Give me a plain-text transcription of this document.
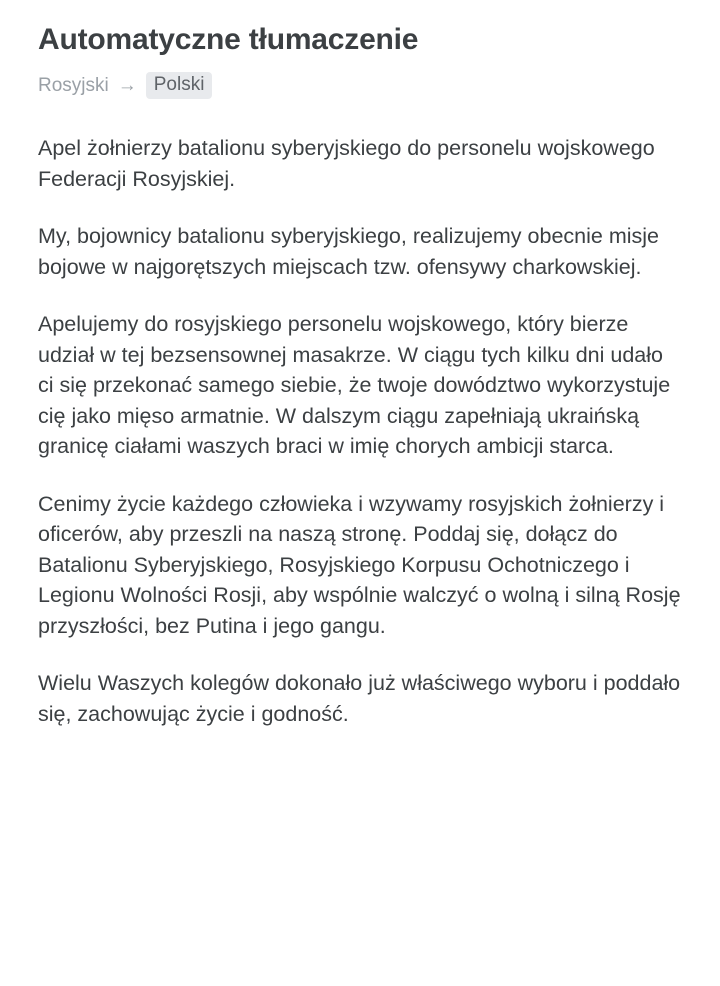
Automatyczne tłumaczenie
Rosyjski → Polski

Apel żołnierzy batalionu syberyjskiego do personelu wojskowego Federacji Rosyjskiej.

My, bojownicy batalionu syberyjskiego, realizujemy obecnie misje bojowe w najgorętszych miejscach tzw. ofensywy charkowskiej.

Apelujemy do rosyjskiego personelu wojskowego, który bierze udział w tej bezsensownej masakrze. W ciągu tych kilku dni udało ci się przekonać samego siebie, że twoje dowództwo wykorzystuje cię jako mięso armatnie. W dalszym ciągu zapełniają ukraińską granicę ciałami waszych braci w imię chorych ambicji starca.

Cenimy życie każdego człowieka i wzywamy rosyjskich żołnierzy i oficerów, aby przeszli na naszą stronę. Poddaj się, dołącz do Batalionu Syberyjskiego, Rosyjskiego Korpusu Ochotniczego i Legionu Wolności Rosji, aby wspólnie walczyć o wolną i silną Rosję przyszłości, bez Putina i jego gangu.

Wielu Waszych kolegów dokonało już właściwego wyboru i poddało się, zachowując życie i godność.
